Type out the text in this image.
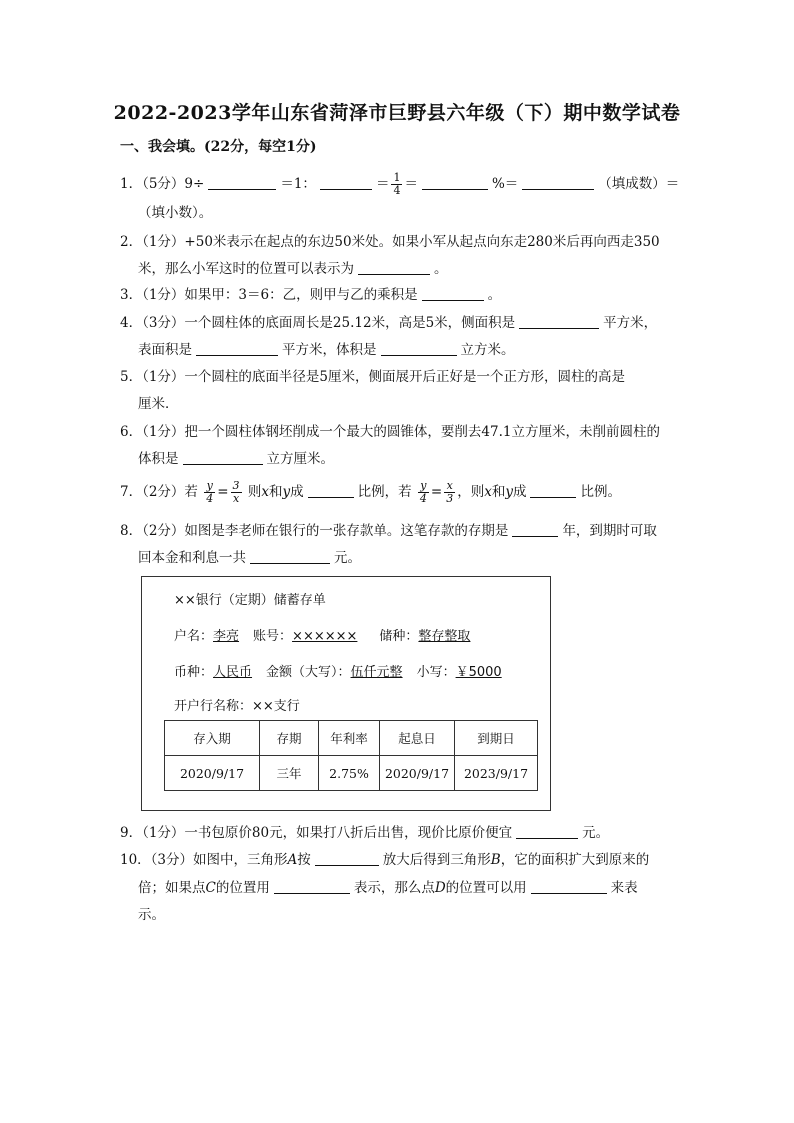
2022-2023学年山东省菏泽市巨野县六年级（下）期中数学试卷
一、我会填。(22分，每空1分)
1．（5分）9÷	＝1：	＝ $\frac{1}{4}$ ＝	%＝	（填成数）＝
（填小数）。
2．（1分）+50米表示在起点的东边50米处。如果小军从起点向东走280米后再向西走350
米，那么小军这时的位置可以表示为	。
3．（1分）如果甲：3＝6：乙，则甲与乙的乘积是	。
4．（3分）一个圆柱体的底面周长是25.12米，高是5米，侧面积是	平方米，
表面积是	平方米，体积是	立方米。
5．（1分）一个圆柱的底面半径是5厘米，侧面展开后正好是一个正方形，圆柱的高是
厘米．
6．（1分）把一个圆柱体钢坯削成一个最大的圆锥体，要削去47.1立方厘米，未削前圆柱的
体积是	立方厘米。
7．（2分）若 $\frac{y}{4} = \frac{3}{x}$ 则x和y成	比例，若 $\frac{y}{4} = \frac{x}{3}$ ，则x和y成	比例。
8．（2分）如图是李老师在银行的一张存款单。这笔存款的存期是	年，到期时可取
回本金和利息一共	元。
××银行（定期）储蓄存单
户名：李亮 账号：×××××× 储种：整存整取
币种：人民币 金额（大写）：伍仟元整 小写：￥5000
开户行名称：××支行
存入期	存期	年利率	起息日	到期日
2020/9/17	三年	2.75%	2020/9/17	2023/9/17
9．（1分）一书包原价80元，如果打八折后出售，现价比原价便宜	元。
10．（3分）如图中，三角形A按	放大后得到三角形B，它的面积扩大到原来的
倍；如果点C的位置用	表示，那么点D的位置可以用	来表
示。
